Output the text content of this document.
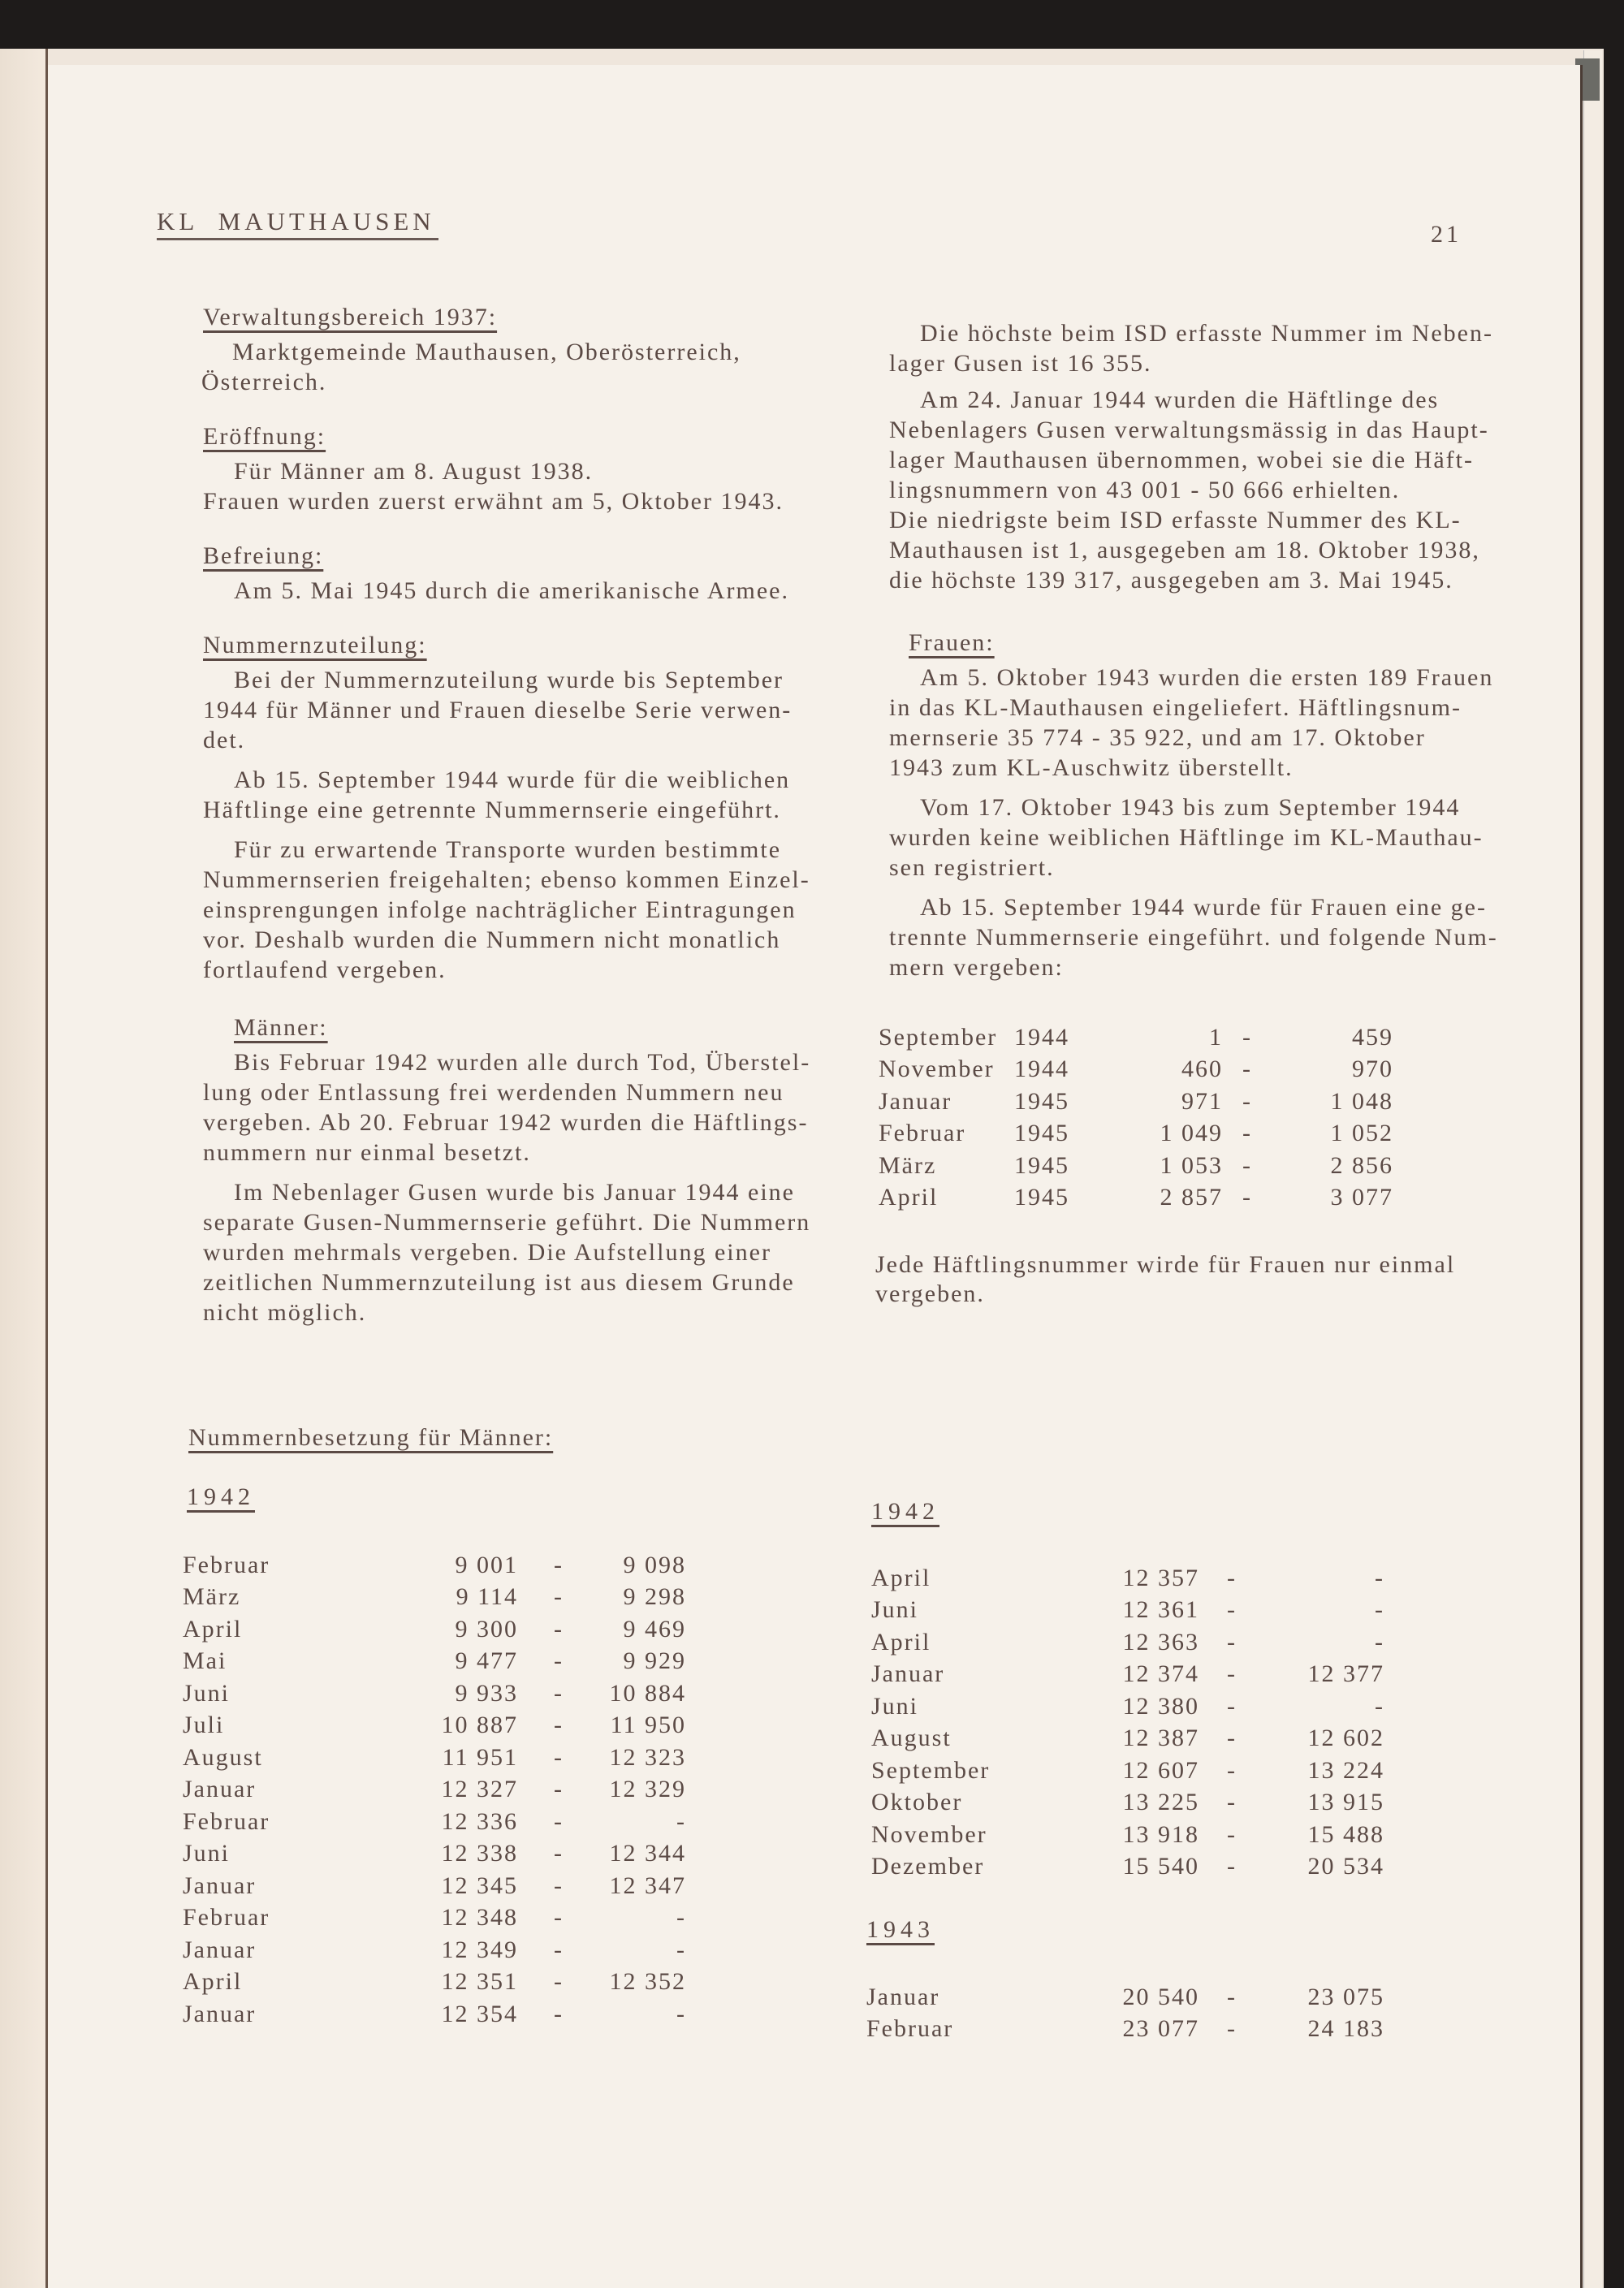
KL  MAUTHAUSEN	21
Verwaltungsbereich 1937:
Marktgemeinde Mauthausen, Oberösterreich,
Österreich.
Eröffnung:
Für Männer am 8. August 1938.
Frauen wurden zuerst erwähnt am 5, Oktober 1943.
Befreiung:
Am 5. Mai 1945 durch die amerikanische Armee.
Nummernzuteilung:
Bei der Nummernzuteilung wurde bis September
1944 für Männer und Frauen dieselbe Serie verwen-
det.
Ab 15. September 1944 wurde für die weiblichen
Häftlinge eine getrennte Nummernserie eingeführt.
Für zu erwartende Transporte wurden bestimmte
Nummernserien freigehalten; ebenso kommen Einzel-
einsprengungen infolge nachträglicher Eintragungen
vor. Deshalb wurden die Nummern nicht monatlich
fortlaufend vergeben.
Männer:
Bis Februar 1942 wurden alle durch Tod, Überstel-
lung oder Entlassung frei werdenden Nummern neu
vergeben. Ab 20. Februar 1942 wurden die Häftlings-
nummern nur einmal besetzt.
Im Nebenlager Gusen wurde bis Januar 1944 eine
separate Gusen-Nummernserie geführt. Die Nummern
wurden mehrmals vergeben. Die Aufstellung einer
zeitlichen Nummernzuteilung ist aus diesem Grunde
nicht möglich.
Nummernbesetzung für Männer:
1942
Februar	9 001	-	9 098
März	9 114	-	9 298
April	9 300	-	9 469
Mai	9 477	-	9 929
Juni	9 933	-	10 884
Juli	10 887	-	11 950
August	11 951	-	12 323
Januar	12 327	-	12 329
Februar	12 336	-	-
Juni	12 338	-	12 344
Januar	12 345	-	12 347
Februar	12 348	-	-
Januar	12 349	-	-
April	12 351	-	12 352
Januar	12 354	-	-
Die höchste beim ISD erfasste Nummer im Neben-
lager Gusen ist 16 355.
Am 24. Januar 1944 wurden die Häftlinge des
Nebenlagers Gusen verwaltungsmässig in das Haupt-
lager Mauthausen übernommen, wobei sie die Häft-
lingsnummern von 43 001 - 50 666 erhielten.
Die niedrigste beim ISD erfasste Nummer des KL-
Mauthausen ist 1, ausgegeben am 18. Oktober 1938,
die höchste 139 317, ausgegeben am 3. Mai 1945.
Frauen:
Am 5. Oktober 1943 wurden die ersten 189 Frauen
in das KL-Mauthausen eingeliefert. Häftlingsnum-
mernserie 35 774 - 35 922, und am 17. Oktober
1943 zum KL-Auschwitz überstellt.
Vom 17. Oktober 1943 bis zum September 1944
wurden keine weiblichen Häftlinge im KL-Mauthau-
sen registriert.
Ab 15. September 1944 wurde für Frauen eine ge-
trennte Nummernserie eingeführt. und folgende Num-
mern vergeben:
September	1944	1	-	459
November	1944	460	-	970
Januar	1945	971	-	1 048
Februar	1945	1 049	-	1 052
März	1945	1 053	-	2 856
April	1945	2 857	-	3 077
Jede Häftlingsnummer wirde für Frauen nur einmal
vergeben.
1942
April	12 357	-	-
Juni	12 361	-	-
April	12 363	-	-
Januar	12 374	-	12 377
Juni	12 380	-	-
August	12 387	-	12 602
September	12 607	-	13 224
Oktober	13 225	-	13 915
November	13 918	-	15 488
Dezember	15 540	-	20 534
1943
Januar	20 540	-	23 075
Februar	23 077	-	24 183
